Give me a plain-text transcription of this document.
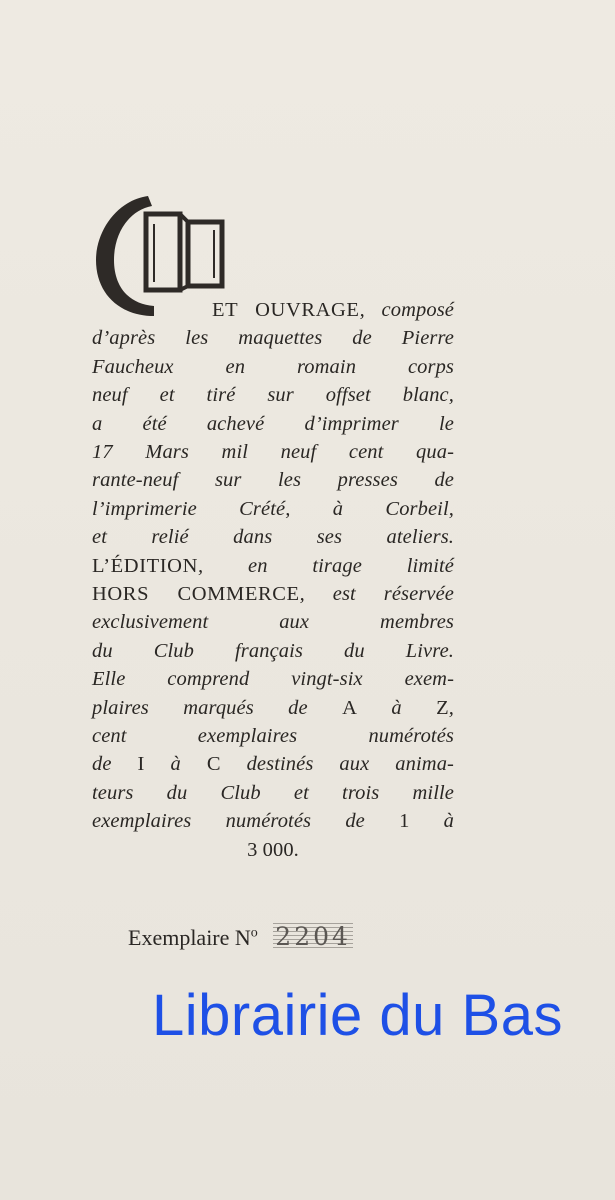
ET OUVRAGE, composé
d’après les maquettes de Pierre
Faucheux en romain corps
neuf et tiré sur offset blanc,
a été achevé d’imprimer le
17 Mars mil neuf cent qua-
rante-neuf sur les presses de
l’imprimerie Crété, à Corbeil,
et relié dans ses ateliers.
L’ÉDITION, en tirage limité
HORS COMMERCE, est réservée
exclusivement aux membres
du Club français du Livre.
Elle comprend vingt-six exem-
plaires marqués de A à Z,
cent exemplaires numérotés
de I à C destinés aux anima-
teurs du Club et trois mille
exemplaires numérotés de 1 à
3 000.
Exemplaire $N^o$ 2204
Librairie du Bas
